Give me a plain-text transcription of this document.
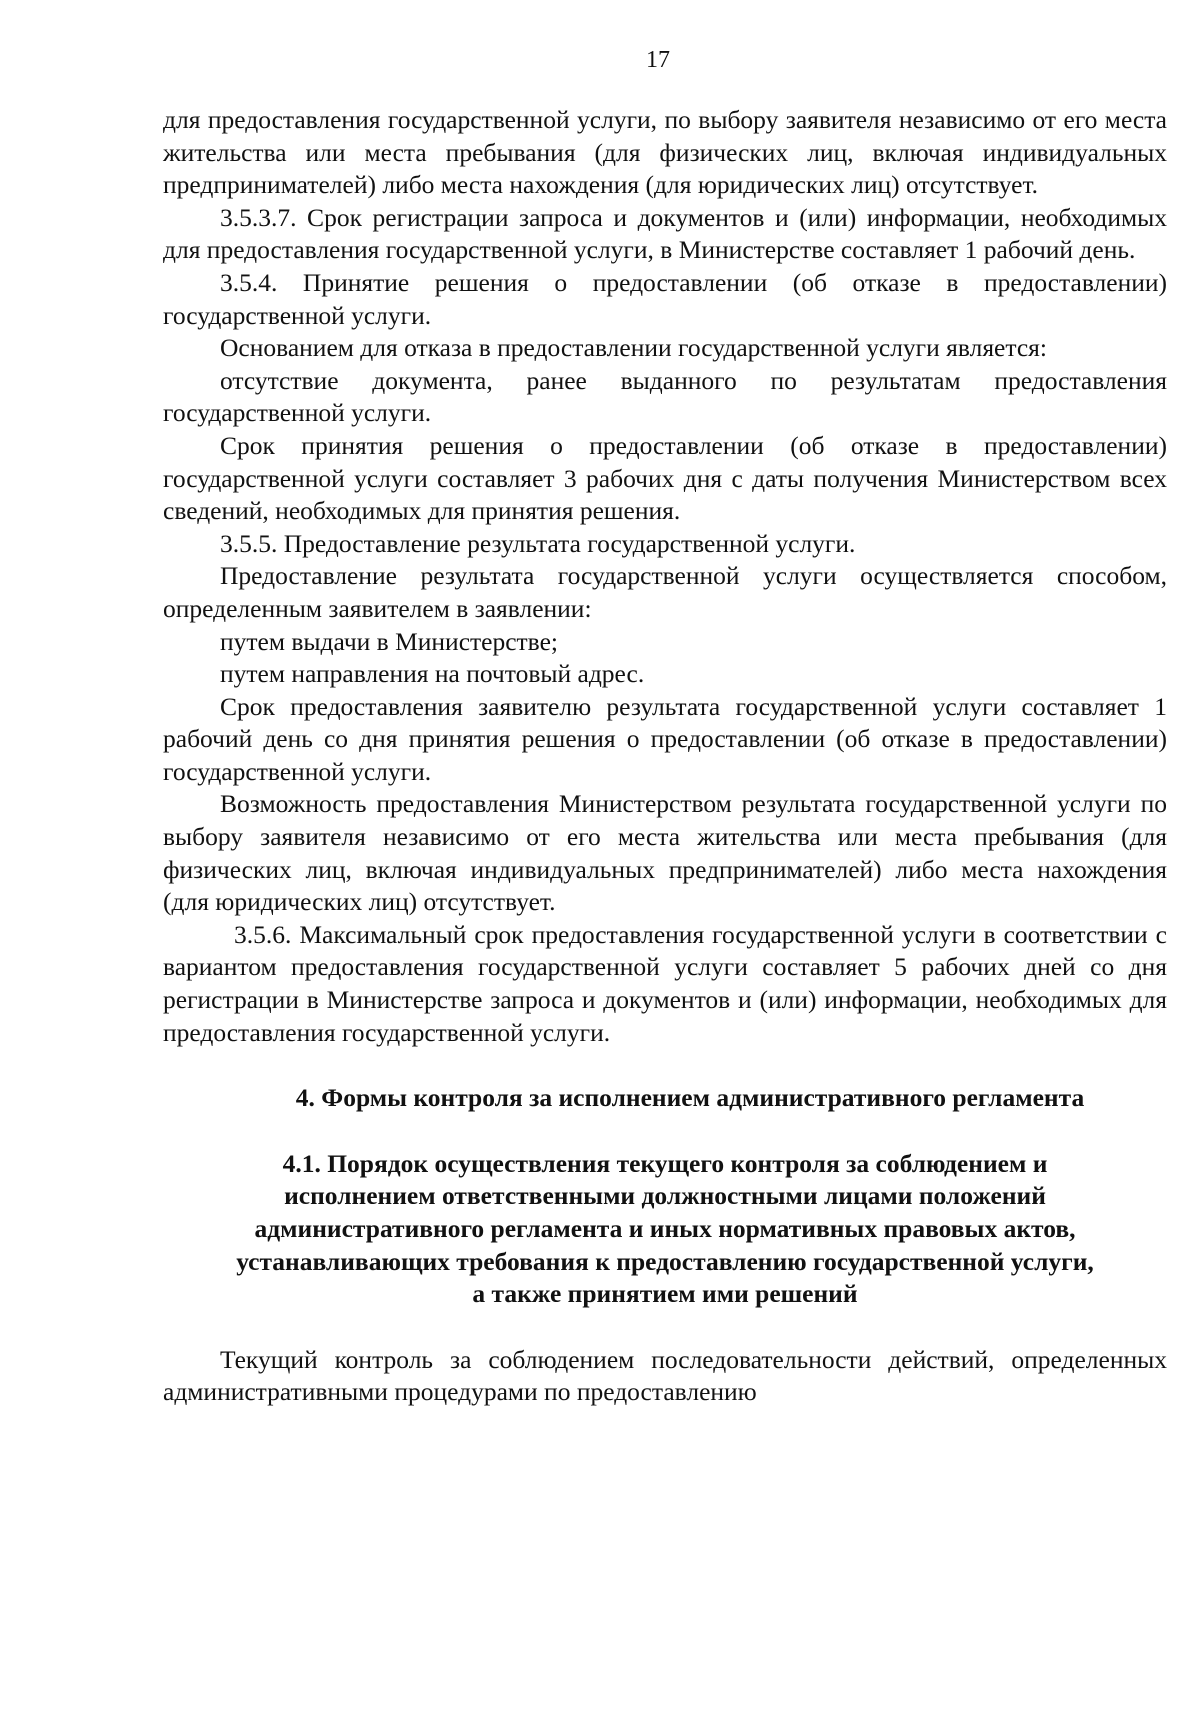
17

для предоставления государственной услуги, по выбору заявителя независимо от его места жительства или места пребывания (для физических лиц, включая индивидуальных предпринимателей) либо места нахождения (для юридических лиц) отсутствует.

3.5.3.7. Срок регистрации запроса и документов и (или) информации, необходимых для предоставления государственной услуги, в Министерстве составляет 1 рабочий день.

3.5.4. Принятие решения о предоставлении (об отказе в предоставлении) государственной услуги.

Основанием для отказа в предоставлении государственной услуги является:

отсутствие документа, ранее выданного по результатам предоставления государственной услуги.

Срок принятия решения о предоставлении (об отказе в предоставлении) государственной услуги составляет 3 рабочих дня с даты получения Министерством всех сведений, необходимых для принятия решения.

3.5.5. Предоставление результата государственной услуги.

Предоставление результата государственной услуги осуществляется способом, определенным заявителем в заявлении:

путем выдачи в Министерстве;

путем направления на почтовый адрес.

Срок предоставления заявителю результата государственной услуги составляет 1 рабочий день со дня принятия решения о предоставлении (об отказе в предоставлении) государственной услуги.

Возможность предоставления Министерством результата государственной услуги по выбору заявителя независимо от его места жительства или места пребывания (для физических лиц, включая индивидуальных предпринимателей) либо места нахождения (для юридических лиц) отсутствует.

3.5.6. Максимальный срок предоставления государственной услуги в соответствии с вариантом предоставления государственной услуги составляет 5 рабочих дней со дня регистрации в Министерстве запроса и документов и (или) информации, необходимых для предоставления государственной услуги.

4. Формы контроля за исполнением административного регламента
4.1. Порядок осуществления текущего контроля за соблюдением и
исполнением ответственными должностными лицами положений
административного регламента и иных нормативных правовых актов,
устанавливающих требования к предоставлению государственной услуги,
а также принятием ими решений

Текущий контроль за соблюдением последовательности действий, определенных административными процедурами по предоставлению
